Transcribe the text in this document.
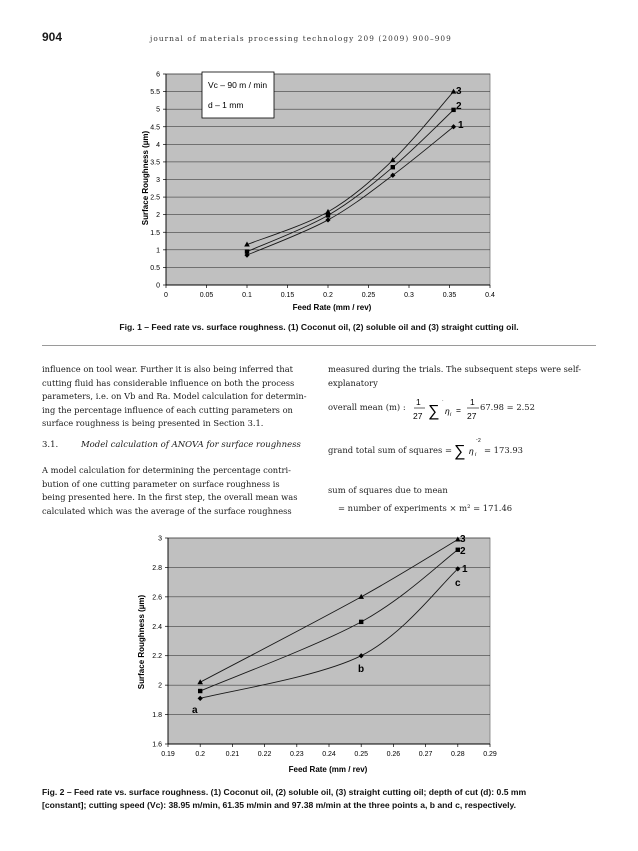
904	journal of materials processing technology 209 (2009) 900–909
0
0.5
1
1.5
2
2.5
3
3.5
4
4.5
5
5.5
6
0	0.05	0.1	0.15	0.2	0.25	0.3	0.35	0.4
Vc – 90 m / min
d – 1 mm
3
2
1
Feed Rate (mm / rev)
Surface Roughness (µm)
Fig. 1 – Feed rate vs. surface roughness. (1) Coconut oil, (2) soluble oil and (3) straight cutting oil.

influence on tool wear. Further it is also being inferred that

cutting fluid has considerable influence on both the process

parameters, i.e. on Vb and Ra. Model calculation for determin-

ing the percentage influence of each cutting parameters on

surface roughness is being presented in Section 3.1.

3.1.	Model calculation of ANOVA for surface roughness

A model calculation for determining the percentage contri-

bution of one cutting parameter on surface roughness is

being presented here. In the first step, the overall mean was

calculated which was the average of the surface roughness

measured during the trials. The subsequent steps were self-

explanatory

overall mean (m) : 1
27 ∑
·
η i =
1
27
67.98 = 2.52
grand total sum of squares =
2
-
∑ η i = 173.93
sum of squares due to mean
= number of experiments × m² = 171.46
1.6
1.8
2
2.2
2.4
2.6
2.8
3
0.19	0.2	0.21	0.22	0.23	0.24	0.25	0.26	0.27	0.28	0.29
3
2
1
a
b
c
Feed Rate (mm / rev)
Surface Roughness (µm)
Fig. 2 – Feed rate vs. surface roughness. (1) Coconut oil, (2) soluble oil, (3) straight cutting oil; depth of cut (d): 0.5 mm
[constant]; cutting speed (Vc): 38.95 m/min, 61.35 m/min and 97.38 m/min at the three points a, b and c, respectively.
